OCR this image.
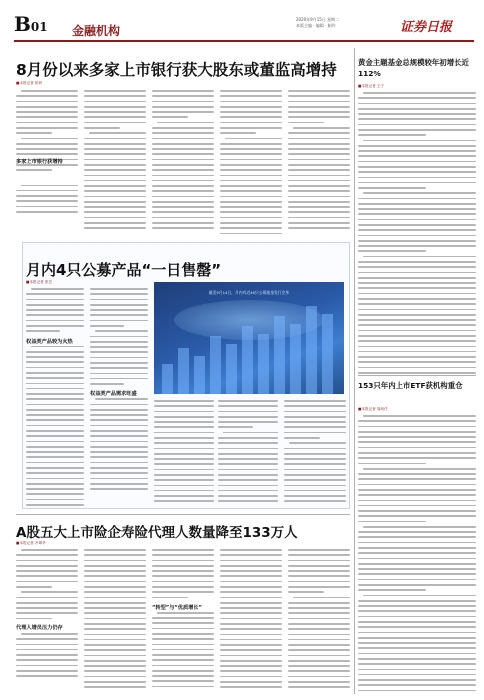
B01 金融机构
2020年9月15日 星期二
本版主编 · 编辑 · 制作	证券日报
8月份以来多家上市银行获大股东或董监高增持
■本报记者 彭妍
多家上市银行获增持
黄金主题基金总规模较年初增长近112%
■本报记者 王宁
153只年内上市ETF获机构重仓
■本报记者 周尚伃
月内4只公募产品“一日售罄”
■本报记者 张芸
权益类产品较为火热
权益类产品需求旺盛
截至9月14日，月内有近40只公募基金发行完毕
A股五大上市险企寿险代理人数量降至133万人
■本报记者 冷翠华
代理人增员压力仍存
“转型”与“优质增长”
